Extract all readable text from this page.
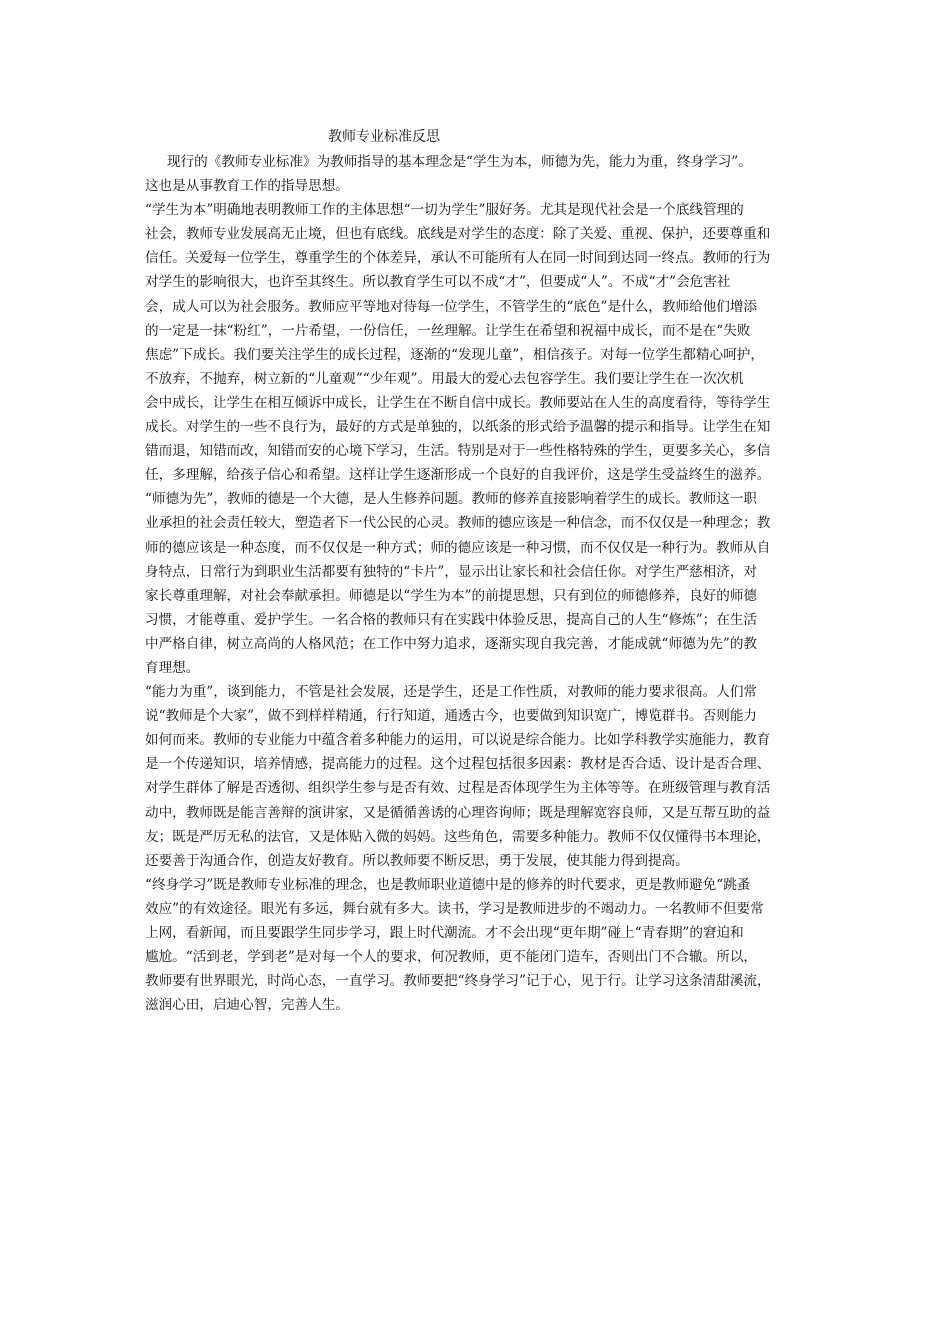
教师专业标准反思
现行的《教师专业标准》为教师指导的基本理念是“学生为本，师德为先，能力为重，终身学习”。
这也是从事教育工作的指导思想。
“学生为本”明确地表明教师工作的主体思想“一切为学生”服好务。尤其是现代社会是一个底线管理的
社会，教师专业发展高无止境，但也有底线。底线是对学生的态度：除了关爱、重视、保护，还要尊重和
信任。关爱每一位学生，尊重学生的个体差异，承认不可能所有人在同一时间到达同一终点。教师的行为
对学生的影响很大，也许至其终生。所以教育学生可以不成“才”，但要成“人”。不成“才”会危害社
会，成人可以为社会服务。教师应平等地对待每一位学生，不管学生的“底色”是什么，教师给他们增添
的一定是一抹“粉红”，一片希望，一份信任，一丝理解。让学生在希望和祝福中成长，而不是在“失败
焦虑”下成长。我们要关注学生的成长过程，逐渐的“发现儿童”，相信孩子。对每一位学生都精心呵护，
不放弃，不抛弃，树立新的“儿童观”“少年观”。用最大的爱心去包容学生。我们要让学生在一次次机
会中成长，让学生在相互倾诉中成长，让学生在不断自信中成长。教师要站在人生的高度看待，等待学生
成长。对学生的一些不良行为，最好的方式是单独的，以纸条的形式给予温馨的提示和指导。让学生在知
错而退，知错而改，知错而安的心境下学习，生活。特别是对于一些性格特殊的学生，更要多关心，多信
任，多理解，给孩子信心和希望。这样让学生逐渐形成一个良好的自我评价，这是学生受益终生的滋养。
“师德为先”，教师的德是一个大德，是人生修养问题。教师的修养直接影响着学生的成长。教师这一职
业承担的社会责任较大，塑造者下一代公民的心灵。教师的德应该是一种信念，而不仅仅是一种理念；教
师的德应该是一种态度，而不仅仅是一种方式；师的德应该是一种习惯，而不仅仅是一种行为。教师从自
身特点，日常行为到职业生活都要有独特的“卡片”，显示出让家长和社会信任你。对学生严慈相济，对
家长尊重理解，对社会奉献承担。师德是以“学生为本”的前提思想，只有到位的师德修养，良好的师德
习惯，才能尊重、爱护学生。一名合格的教师只有在实践中体验反思，提高自己的人生“修炼”；在生活
中严格自律，树立高尚的人格风范；在工作中努力追求，逐渐实现自我完善，才能成就“师德为先”的教
育理想。
“能力为重”，谈到能力，不管是社会发展，还是学生，还是工作性质，对教师的能力要求很高。人们常
说“教师是个大家”，做不到样样精通，行行知道，通透古今，也要做到知识宽广，博览群书。否则能力
如何而来。教师的专业能力中蕴含着多种能力的运用，可以说是综合能力。比如学科教学实施能力，教育
是一个传递知识，培养情感，提高能力的过程。这个过程包括很多因素：教材是否合适、设计是否合理、
对学生群体了解是否透彻、组织学生参与是否有效、过程是否体现学生为主体等等。在班级管理与教育活
动中，教师既是能言善辩的演讲家，又是循循善诱的心理咨询师；既是理解宽容良师，又是互帮互助的益
友；既是严厉无私的法官，又是体贴入微的妈妈。这些角色，需要多种能力。教师不仅仅懂得书本理论，
还要善于沟通合作，创造友好教育。所以教师要不断反思，勇于发展，使其能力得到提高。
“终身学习”既是教师专业标准的理念，也是教师职业道德中是的修养的时代要求，更是教师避免“跳蚤
效应”的有效途径。眼光有多远，舞台就有多大。读书，学习是教师进步的不竭动力。一名教师不但要常
上网，看新闻，而且要跟学生同步学习，跟上时代潮流。才不会出现“更年期”碰上“青春期”的窘迫和
尴尬。“活到老，学到老”是对每一个人的要求，何况教师，更不能闭门造车，否则出门不合辙。所以，
教师要有世界眼光，时尚心态，一直学习。教师要把“终身学习”记于心，见于行。让学习这条清甜溪流，
滋润心田，启迪心智，完善人生。
